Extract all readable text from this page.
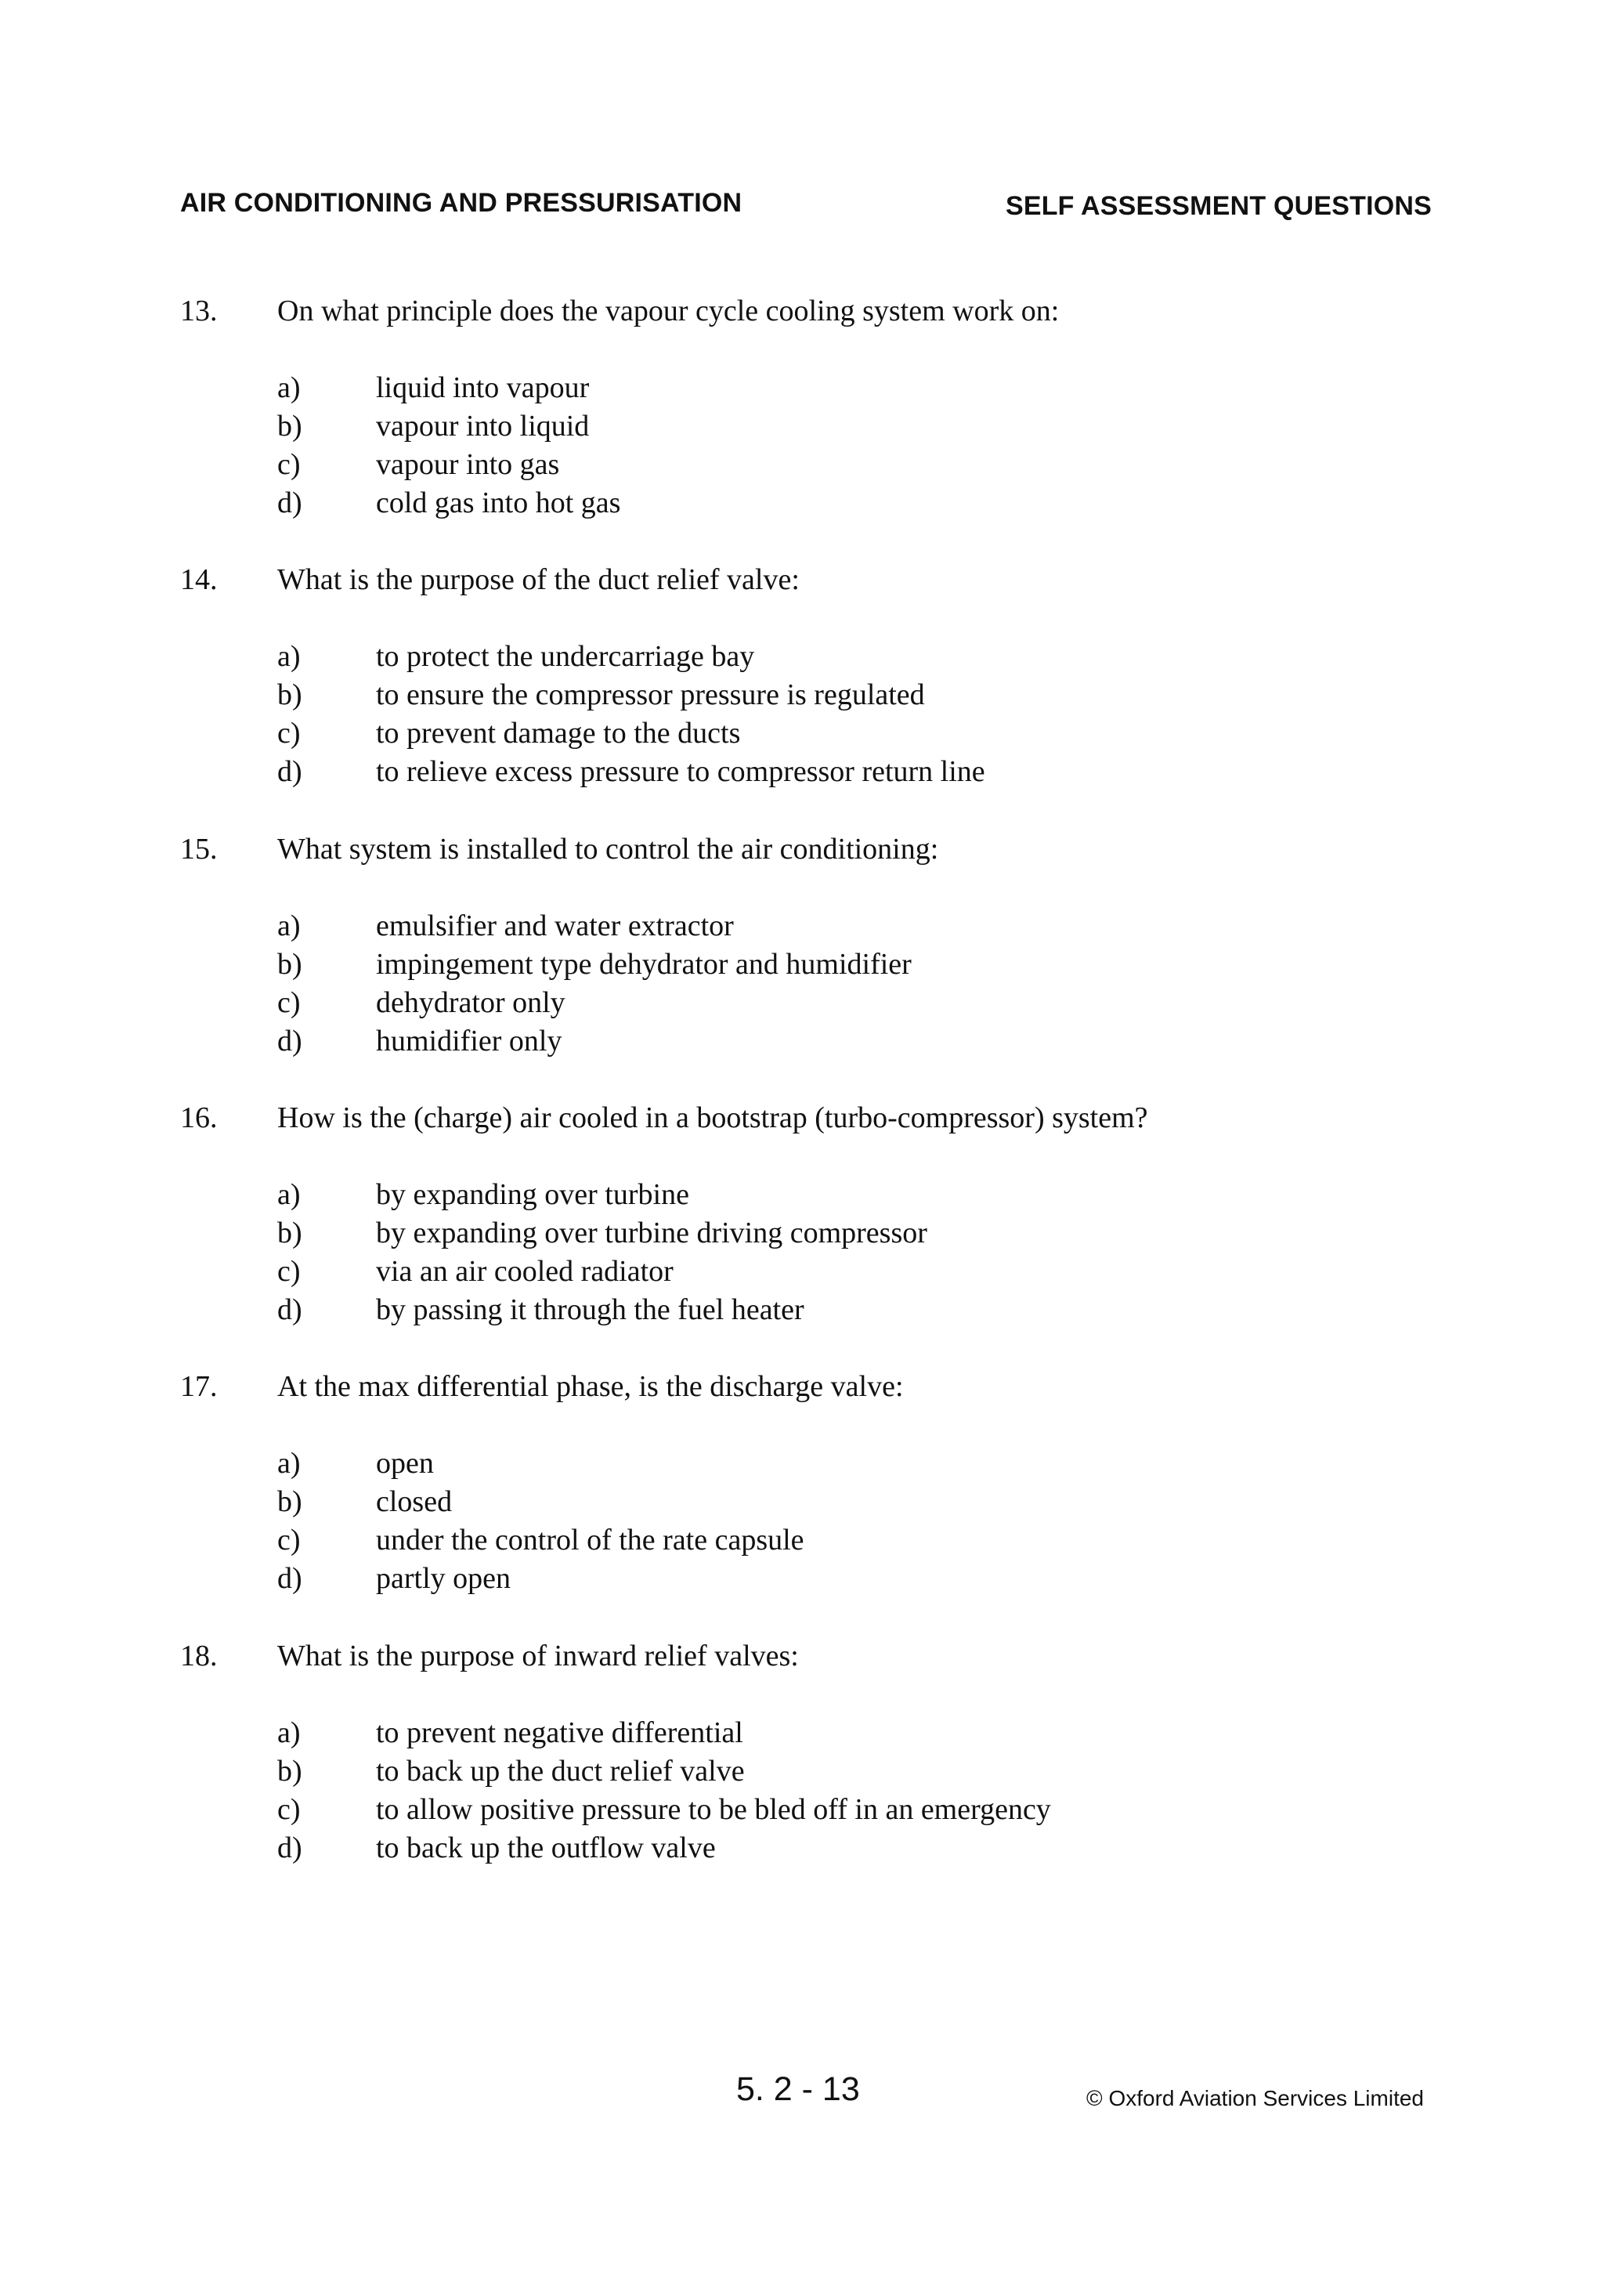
AIR CONDITIONING AND PRESSURISATION	SELF ASSESSMENT QUESTIONS
13. On what principle does the vapour cycle cooling system work on:
a)	liquid into vapour
b) vapour into liquid
c)	vapour into gas
d) cold gas into hot gas
14. What is the purpose of the duct relief valve:
a)	to protect the undercarriage bay
b) to ensure the compressor pressure is regulated
c)	to prevent damage to the ducts
d) to relieve excess pressure to compressor return line
15. What system is installed to control the air conditioning:
a)	emulsifier and water extractor
b) impingement type dehydrator and humidifier
c)	dehydrator only
d) humidifier only
16. How is the (charge) air cooled in a bootstrap (turbo-compressor) system?
a)	by expanding over turbine
b) by expanding over turbine driving compressor
c)	via an air cooled radiator
d) by passing it through the fuel heater
17. At the max differential phase, is the discharge valve:
a)	open
b) closed
c)	under the control of the rate capsule
d) partly open
18. What is the purpose of inward relief valves:
a)	to prevent negative differential
b) to back up the duct relief valve
c)	to allow positive pressure to be bled off in an emergency
d) to back up the outflow valve
5. 2 - 13	© Oxford Aviation Services Limited
